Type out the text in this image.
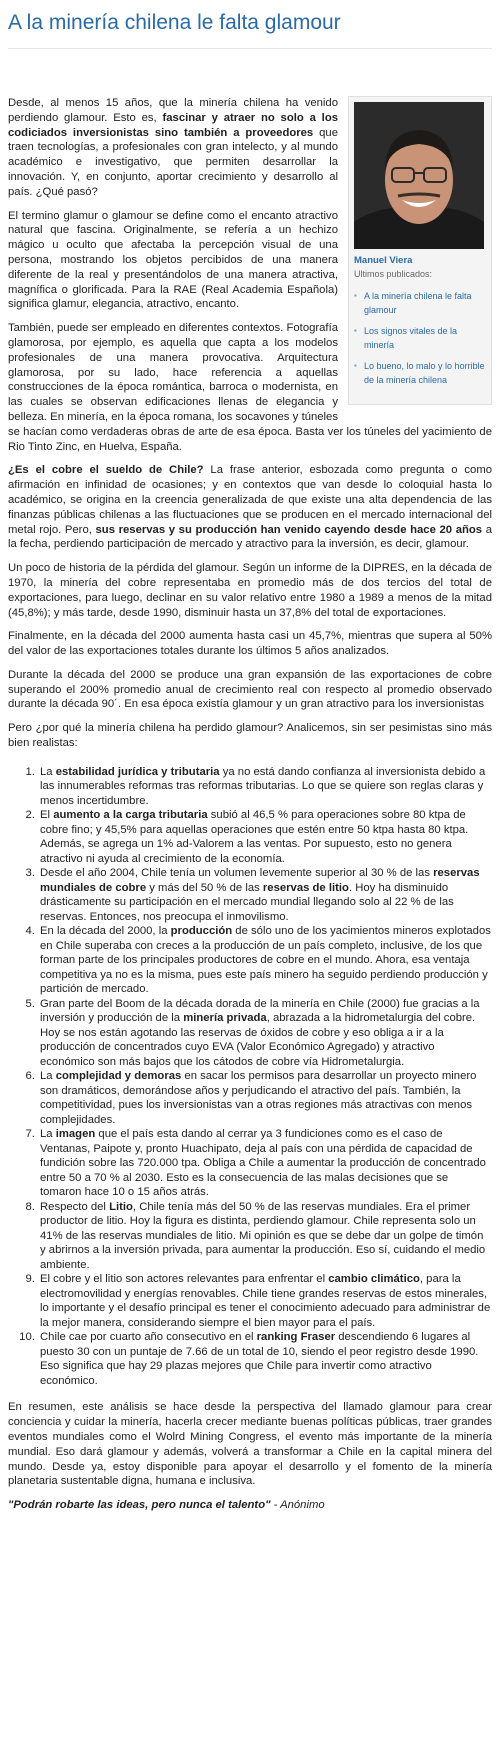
A la minería chilena le falta glamour
Manuel Viera
Ultimos publicados:
▪ A la minería chilena le falta glamour
▪ Los signos vitales de la minería
▪ Lo bueno, lo malo y lo horrible de la minería chilena

Desde, al menos 15 años, que la minería chilena ha venido perdiendo glamour. Esto es, fascinar y atraer no solo a los codiciados inversionistas sino también a proveedores que traen tecnologías, a profesionales con gran intelecto, y al mundo académico e investigativo, que permiten desarrollar la innovación. Y, en conjunto, aportar crecimiento y desarrollo al país. ¿Qué pasó?

El termino glamur o glamour se define como el encanto atractivo natural que fascina. Originalmente, se refería a un hechizo mágico u oculto que afectaba la percepción visual de una persona, mostrando los objetos percibidos de una manera diferente de la real y presentándolos de una manera atractiva, magnífica o glorificada. Para la RAE (Real Academia Española) significa glamur, elegancia, atractivo, encanto.

También, puede ser empleado en diferentes contextos. Fotografía glamorosa, por ejemplo, es aquella que capta a los modelos profesionales de una manera provocativa. Arquitectura glamorosa, por su lado, hace referencia a aquellas construcciones de la época romántica, barroca o modernista, en las cuales se observan edificaciones llenas de elegancia y belleza. En minería, en la época romana, los socavones y túneles se hacían como verdaderas obras de arte de esa época. Basta ver los túneles del yacimiento de Rio Tinto Zinc, en Huelva, España.

¿Es el cobre el sueldo de Chile? La frase anterior, esbozada como pregunta o como afirmación en infinidad de ocasiones; y en contextos que van desde lo coloquial hasta lo académico, se origina en la creencia generalizada de que existe una alta dependencia de las finanzas públicas chilenas a las fluctuaciones que se producen en el mercado internacional del metal rojo. Pero, sus reservas y su producción han venido cayendo desde hace 20 años a la fecha, perdiendo participación de mercado y atractivo para la inversión, es decir, glamour.

Un poco de historia de la pérdida del glamour. Según un informe de la DIPRES, en la década de 1970, la minería del cobre representaba en promedio más de dos tercios del total de exportaciones, para luego, declinar en su valor relativo entre 1980 a 1989 a menos de la mitad (45,8%); y más tarde, desde 1990, disminuir hasta un 37,8% del total de exportaciones.

Finalmente, en la década del 2000 aumenta hasta casi un 45,7%, mientras que supera al 50% del valor de las exportaciones totales durante los últimos 5 años analizados.

Durante la década del 2000 se produce una gran expansión de las exportaciones de cobre superando el 200% promedio anual de crecimiento real con respecto al promedio observado durante la década 90´. En esa época existía glamour y un gran atractivo para los inversionistas

Pero ¿por qué la minería chilena ha perdido glamour? Analicemos, sin ser pesimistas sino más bien realistas:

1. La estabilidad jurídica y tributaria ya no está dando confianza al inversionista debido a las innumerables reformas tras reformas tributarias. Lo que se quiere son reglas claras y menos incertidumbre.
2. El aumento a la carga tributaria subió al 46,5 % para operaciones sobre 80 ktpa de cobre fino; y 45,5% para aquellas operaciones que estén entre 50 ktpa hasta 80 ktpa. Además, se agrega un 1% ad-Valorem a las ventas. Por supuesto, esto no genera atractivo ni ayuda al crecimiento de la economía.
3. Desde el año 2004, Chile tenía un volumen levemente superior al 30 % de las reservas mundiales de cobre y más del 50 % de las reservas de litio. Hoy ha disminuido drásticamente su participación en el mercado mundial llegando solo al 22 % de las reservas. Entonces, nos preocupa el inmovilismo.
4. En la década del 2000, la producción de sólo uno de los yacimientos mineros explotados en Chile superaba con creces a la producción de un país completo, inclusive, de los que forman parte de los principales productores de cobre en el mundo. Ahora, esa ventaja competitiva ya no es la misma, pues este país minero ha seguido perdiendo producción y partición de mercado.
5. Gran parte del Boom de la década dorada de la minería en Chile (2000) fue gracias a la inversión y producción de la minería privada, abrazada a la hidrometalurgia del cobre. Hoy se nos están agotando las reservas de óxidos de cobre y eso obliga a ir a la producción de concentrados cuyo EVA (Valor Económico Agregado) y atractivo económico son más bajos que los cátodos de cobre vía Hidrometalurgia.
6. La complejidad y demoras en sacar los permisos para desarrollar un proyecto minero son dramáticos, demorándose años y perjudicando el atractivo del país. También, la competitividad, pues los inversionistas van a otras regiones más atractivas con menos complejidades.
7. La imagen que el país esta dando al cerrar ya 3 fundiciones como es el caso de Ventanas, Paipote y, pronto Huachipato, deja al país con una pérdida de capacidad de fundición sobre las 720.000 tpa. Obliga a Chile a aumentar la producción de concentrado entre 50 a 70 % al 2030. Esto es la consecuencia de las malas decisiones que se tomaron hace 10 o 15 años atrás.
8. Respecto del Litio, Chile tenía más del 50 % de las reservas mundiales. Era el primer productor de litio. Hoy la figura es distinta, perdiendo glamour. Chile representa solo un 41% de las reservas mundiales de litio. Mi opinión es que se debe dar un golpe de timón y abrirnos a la inversión privada, para aumentar la producción. Eso sí, cuidando el medio ambiente.
9. El cobre y el litio son actores relevantes para enfrentar el cambio climático, para la electromovilidad y energías renovables. Chile tiene grandes reservas de estos minerales, lo importante y el desafío principal es tener el conocimiento adecuado para administrar de la mejor manera, considerando siempre el bien mayor para el país.
10. Chile cae por cuarto año consecutivo en el ranking Fraser descendiendo 6 lugares al puesto 30 con un puntaje de 7.66 de un total de 10, siendo el peor registro desde 1990. Eso significa que hay 29 plazas mejores que Chile para invertir como atractivo económico.

En resumen, este análisis se hace desde la perspectiva del llamado glamour para crear conciencia y cuidar la minería, hacerla crecer mediante buenas políticas públicas, traer grandes eventos mundiales como el Wolrd Mining Congress, el evento más importante de la minería mundial. Eso dará glamour y además, volverá a transformar a Chile en la capital minera del mundo. Desde ya, estoy disponible para apoyar el desarrollo y el fomento de la minería planetaria sustentable digna, humana e inclusiva.

"Podrán robarte las ideas, pero nunca el talento" - Anónimo
